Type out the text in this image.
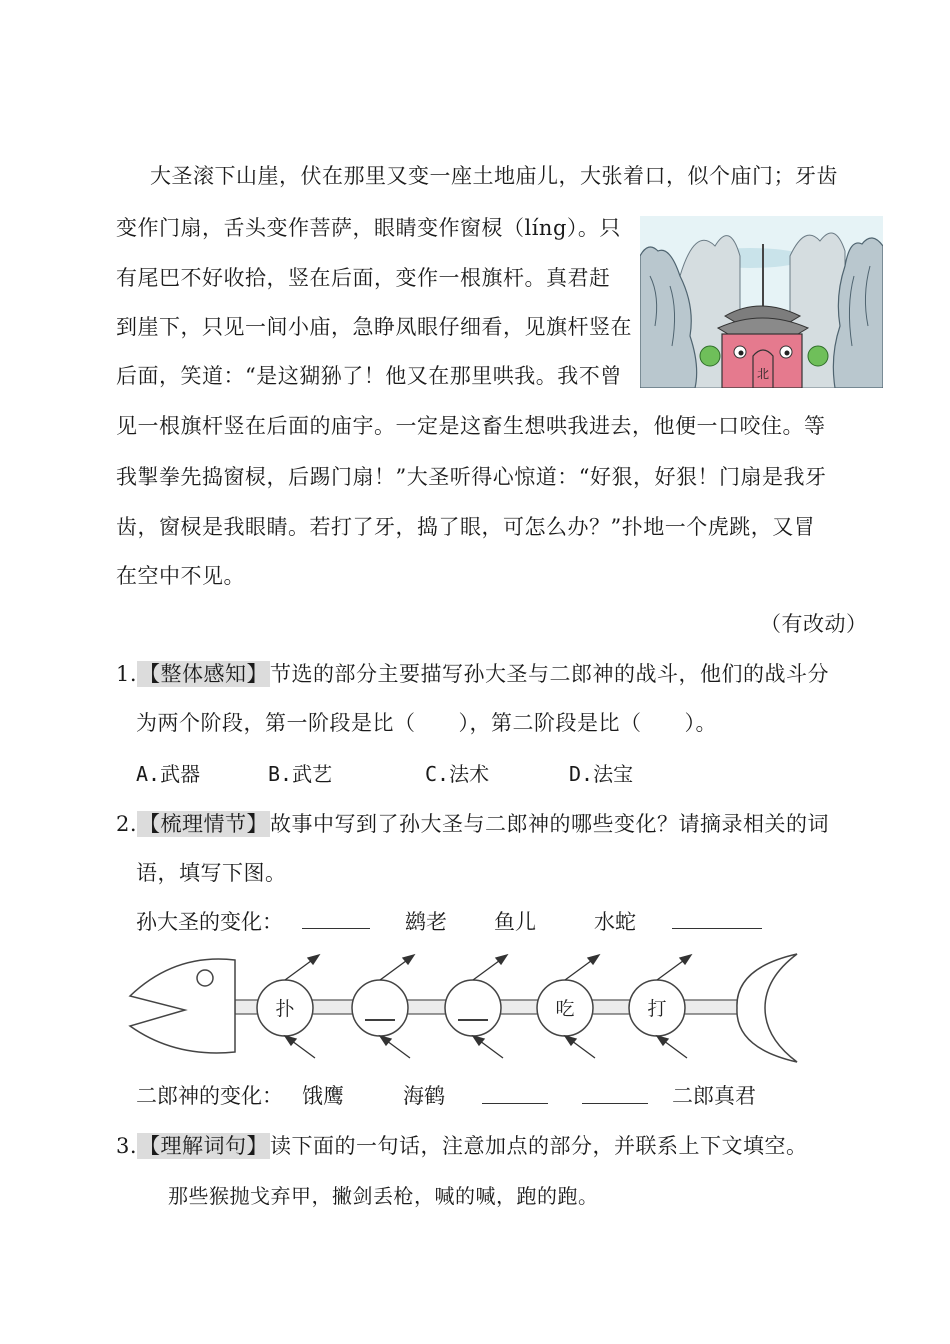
大圣滚下山崖，伏在那里又变一座土地庙儿，大张着口，似个庙门；牙齿
变作门扇，舌头变作菩萨，眼睛变作窗棂（líng）。只
有尾巴不好收拾，竖在后面，变作一根旗杆。真君赶
到崖下，只见一间小庙，急睁凤眼仔细看，见旗杆竖在
后面，笑道：“是这猢狲了！他又在那里哄我。我不曾
见一根旗杆竖在后面的庙宇。一定是这畜生想哄我进去，他便一口咬住。等
我掣拳先捣窗棂，后踢门扇！”大圣听得心惊道：“好狠，好狠！门扇是我牙
齿，窗棂是我眼睛。若打了牙，捣了眼，可怎么办？”扑地一个虎跳，又冒
在空中不见。
（有改动）
北
1.【整体感知】节选的部分主要描写孙大圣与二郎神的战斗，他们的战斗分
为两个阶段，第一阶段是比（　　），第二阶段是比（　　）。
A.武器	B.武艺	C.法术	D.法宝
2.【梳理情节】故事中写到了孙大圣与二郎神的哪些变化？请摘录相关的词
语，填写下图。
孙大圣的变化：	鹚老 鱼儿	水蛇
扑	吃	打
二郎神的变化： 饿鹰	海鹤	二郎真君
3.【理解词句】读下面的一句话，注意加点的部分，并联系上下文填空。
那些猴抛戈弃甲，撇剑丢枪，喊的喊，跑的跑。
